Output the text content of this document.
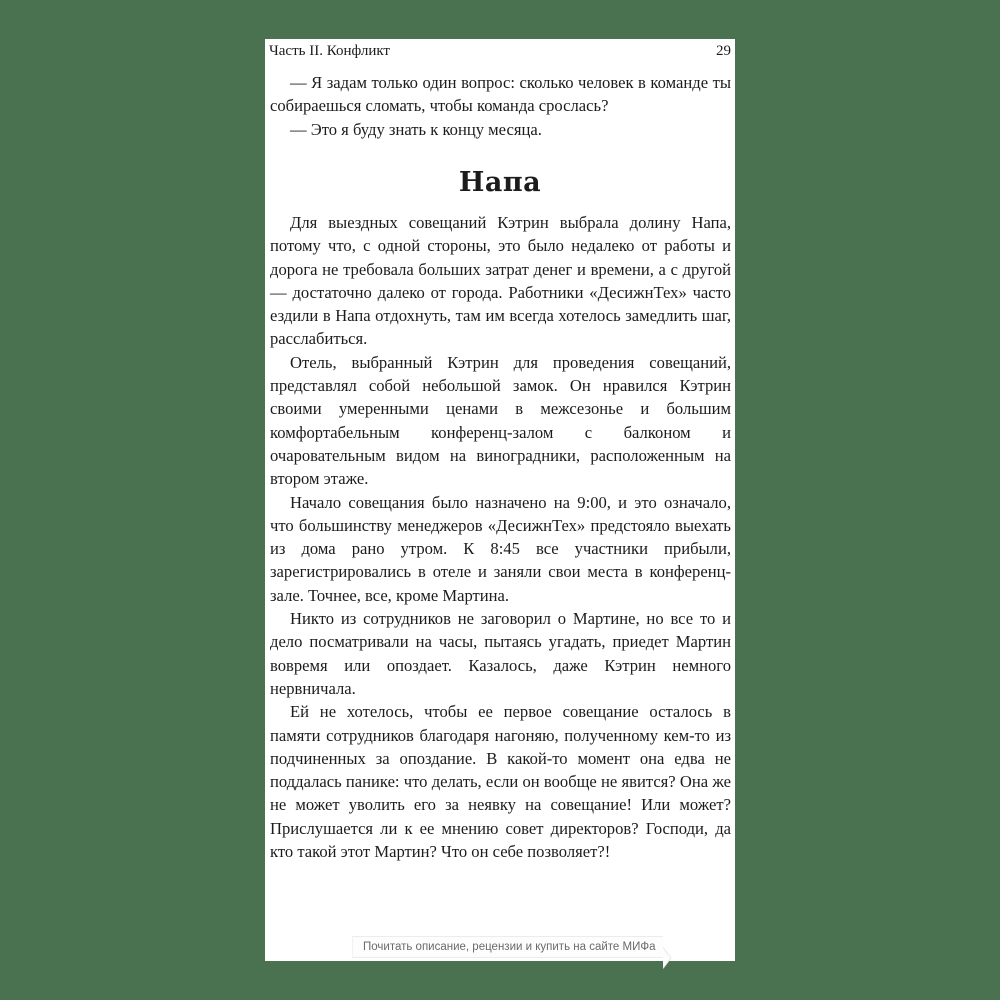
Часть II. Конфликт	29

— Я задам только один вопрос: сколько человек в команде ты собираешься сломать, чтобы команда срослась?

— Это я буду знать к концу месяца.

Напа

Для выездных совещаний Кэтрин выбрала долину Напа, потому что, с одной стороны, это было недалеко от работы и дорога не требовала больших затрат денег и времени, а с другой — достаточно далеко от города. Работники «ДесижнТех» часто ездили в Напа отдохнуть, там им всегда хотелось замедлить шаг, расслабиться.

Отель, выбранный Кэтрин для проведения совещаний, представлял собой небольшой замок. Он нравился Кэтрин своими умеренными ценами в межсезонье и большим комфортабельным конференц-залом с балконом и очаровательным видом на виноградники, расположенным на втором этаже.

Начало совещания было назначено на 9:00, и это означало, что большинству менеджеров «ДесижнТех» предстояло выехать из дома рано утром. К 8:45 все участники прибыли, зарегистрировались в отеле и заняли свои места в конференц-зале. Точнее, все, кроме Мартина.

Никто из сотрудников не заговорил о Мартине, но все то и дело посматривали на часы, пытаясь угадать, приедет Мартин вовремя или опоздает. Казалось, даже Кэтрин немного нервничала.

Ей не хотелось, чтобы ее первое совещание осталось в памяти сотрудников благодаря нагоняю, полученному кем-то из подчиненных за опоздание. В какой-то момент она едва не поддалась панике: что делать, если он вообще не явится? Она же не может уволить его за неявку на совещание! Или может? Прислушается ли к ее мнению совет директоров? Господи, да кто такой этот Мартин? Что он себе позволяет?!

Почитать описание, рецензии и купить на сайте МИФа
